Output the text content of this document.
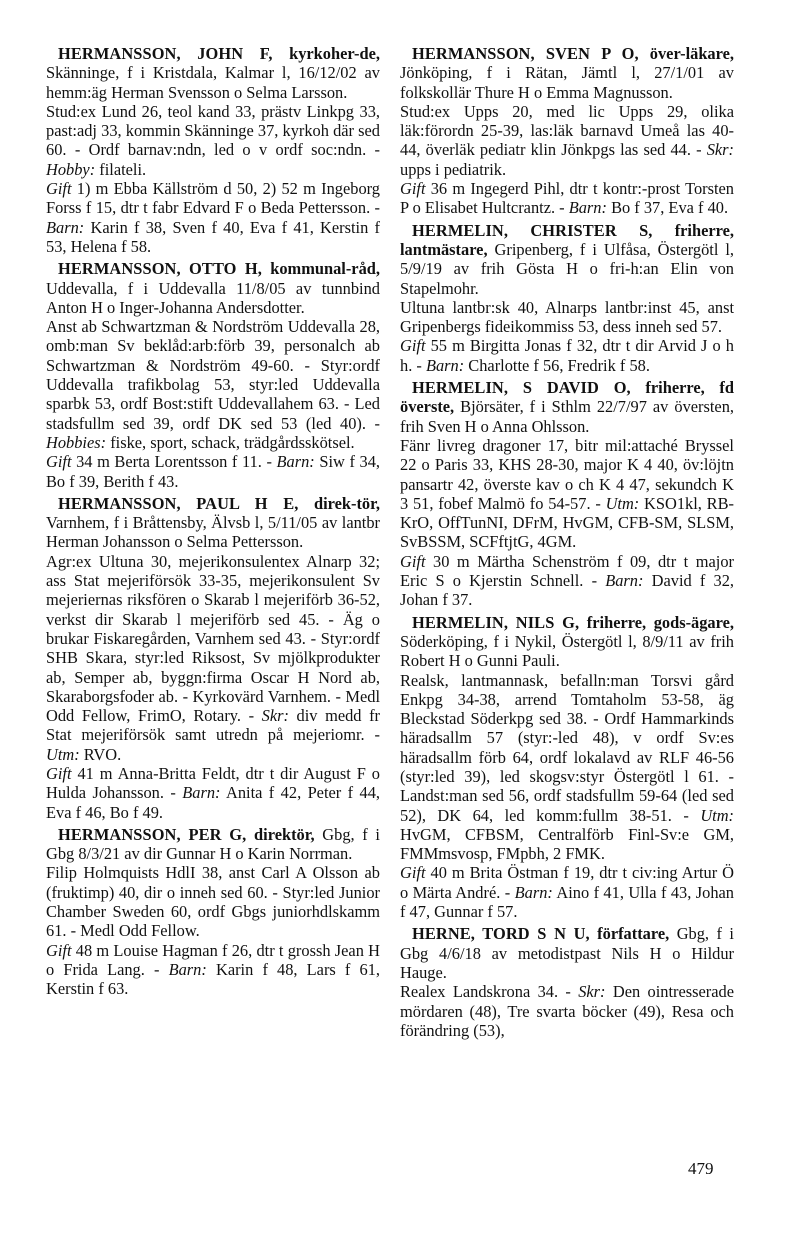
HERMANSSON, JOHN F, kyrkoher-de, Skänninge, f i Kristdala, Kalmar l, 16/12/02 av hemm:äg Herman Svensson o Selma Larsson.

Stud:ex Lund 26, teol kand 33, prästv Linkpg 33, past:adj 33, kommin Skänninge 37, kyrkoh där sed 60. - Ordf barnav:ndn, led o v ordf soc:ndn. - Hobby: filateli.

Gift 1) m Ebba Källström d 50, 2) 52 m Ingeborg Forss f 15, dtr t fabr Edvard F o Beda Pettersson. - Barn: Karin f 38, Sven f 40, Eva f 41, Kerstin f 53, Helena f 58.

HERMANSSON, OTTO H, kommunal-råd, Uddevalla, f i Uddevalla 11/8/05 av tunnbind Anton H o Inger-Johanna Andersdotter.

Anst ab Schwartzman & Nordström Uddevalla 28, omb:man Sv beklåd:arb:förb 39, personalch ab Schwartzman & Nordström 49-60. - Styr:ordf Uddevalla trafikbolag 53, styr:led Uddevalla sparbk 53, ordf Bost:stift Uddevallahem 63. - Led stadsfullm sed 39, ordf DK sed 53 (led 40). - Hobbies: fiske, sport, schack, trädgårdsskötsel.

Gift 34 m Berta Lorentsson f 11. - Barn: Siw f 34, Bo f 39, Berith f 43.

HERMANSSON, PAUL H E, direk-tör, Varnhem, f i Bråttensby, Älvsb l, 5/11/05 av lantbr Herman Johansson o Selma Pettersson.

Agr:ex Ultuna 30, mejerikonsulentex Alnarp 32; ass Stat mejeriförsök 33-35, mejerikonsulent Sv mejeriernas riksfören o Skarab l mejeriförb 36-52, verkst dir Skarab l mejeriförb sed 45. - Äg o brukar Fiskaregården, Varnhem sed 43. - Styr:ordf SHB Skara, styr:led Riksost, Sv mjölkprodukter ab, Semper ab, byggn:firma Oscar H Nord ab, Skaraborgsfoder ab. - Kyrkovärd Varnhem. - Medl Odd Fellow, FrimO, Rotary. - Skr: div medd fr Stat mejeriförsök samt utredn på mejeriomr. - Utm: RVO.

Gift 41 m Anna-Britta Feldt, dtr t dir August F o Hulda Johansson. - Barn: Anita f 42, Peter f 44, Eva f 46, Bo f 49.

HERMANSSON, PER G, direktör, Gbg, f i Gbg 8/3/21 av dir Gunnar H o Karin Norrman.

Filip Holmquists HdlI 38, anst Carl A Olsson ab (fruktimp) 40, dir o inneh sed 60. - Styr:led Junior Chamber Sweden 60, ordf Gbgs juniorhdlskamm 61. - Medl Odd Fellow.

Gift 48 m Louise Hagman f 26, dtr t grossh Jean H o Frida Lang. - Barn: Karin f 48, Lars f 61, Kerstin f 63.

HERMANSSON, SVEN P O, över-läkare, Jönköping, f i Rätan, Jämtl l, 27/1/01 av folkskollär Thure H o Emma Magnusson.

Stud:ex Upps 20, med lic Upps 29, olika läk:förordn 25-39, las:läk barnavd Umeå las 40-44, överläk pediatr klin Jönkpgs las sed 44. - Skr: upps i pediatrik.

Gift 36 m Ingegerd Pihl, dtr t kontr:-prost Torsten P o Elisabet Hultcrantz. - Barn: Bo f 37, Eva f 40.

HERMELIN, CHRISTER S, friherre, lantmästare, Gripenberg, f i Ulfåsa, Östergötl l, 5/9/19 av frih Gösta H o fri-h:an Elin von Stapelmohr.

Ultuna lantbr:sk 40, Alnarps lantbr:inst 45, anst Gripenbergs fideikommiss 53, dess inneh sed 57.

Gift 55 m Birgitta Jonas f 32, dtr t dir Arvid J o h h. - Barn: Charlotte f 56, Fredrik f 58.

HERMELIN, S DAVID O, friherre, fd överste, Björsäter, f i Sthlm 22/7/97 av översten, frih Sven H o Anna Ohlsson.

Fänr livreg dragoner 17, bitr mil:attaché Bryssel 22 o Paris 33, KHS 28-30, major K 4 40, öv:löjtn pansartr 42, överste kav o ch K 4 47, sekundch K 3 51, fobef Malmö fo 54-57. - Utm: KSO1kl, RB-KrO, OffTunNI, DFrM, HvGM, CFB-SM, SLSM, SvBSSM, SCFftjtG, 4GM.

Gift 30 m Märtha Schenström f 09, dtr t major Eric S o Kjerstin Schnell. - Barn: David f 32, Johan f 37.

HERMELIN, NILS G, friherre, gods-ägare, Söderköping, f i Nykil, Östergötl l, 8/9/11 av frih Robert H o Gunni Pauli.

Realsk, lantmannask, befalln:man Torsvi gård Enkpg 34-38, arrend Tomtaholm 53-58, äg Bleckstad Söderkpg sed 38. - Ordf Hammarkinds häradsallm 57 (styr:-led 48), v ordf Sv:es häradsallm förb 64, ordf lokalavd av RLF 46-56 (styr:led 39), led skogsv:styr Östergötl l 61. - Landst:man sed 56, ordf stadsfullm 59-64 (led sed 52), DK 64, led komm:fullm 38-51. - Utm: HvGM, CFBSM, Centralförb Finl-Sv:e GM, FMMmsvosp, FMpbh, 2 FMK.

Gift 40 m Brita Östman f 19, dtr t civ:ing Artur Ö o Märta André. - Barn: Aino f 41, Ulla f 43, Johan f 47, Gunnar f 57.

HERNE, TORD S N U, författare, Gbg, f i Gbg 4/6/18 av metodistpast Nils H o Hildur Hauge.

Realex Landskrona 34. - Skr: Den ointresserade mördaren (48), Tre svarta böcker (49), Resa och förändring (53),

479
